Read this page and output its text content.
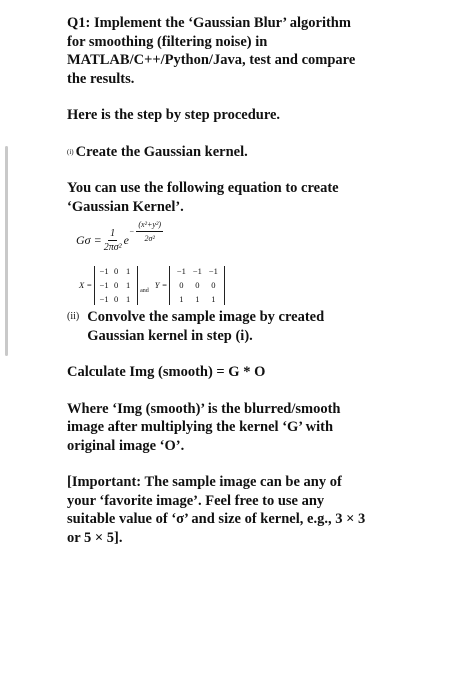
Q1: Implement the ‘Gaussian Blur’ algorithm

for smoothing (filtering noise) in

MATLAB/C++/Python/Java, test and compare

the results.

Here is the step by step procedure.

(i) Create the Gaussian kernel.

You can use the following equation to create

‘Gaussian Kernel’.

$G\sigma = \frac{1}{\text{2πσ²}}$ e
− $\frac{\text{(x²+y²)}}{\text{2σ²}}$
X =
−1 0 1
−1 0 1
−1 0 1
and
Y =
−1 −1 −1
0	0	0
1	1	1
(ii) Convolve the sample image by created

Gaussian kernel in step (i).

Calculate Img (smooth) = G * O

Where ‘Img (smooth)’ is the blurred/smooth

image after multiplying the kernel ‘G’ with

original image ‘O’.

[Important: The sample image can be any of

your ‘favorite image’. Feel free to use any

suitable value of ‘σ’ and size of kernel, e.g., 3 × 3

or 5 × 5].
